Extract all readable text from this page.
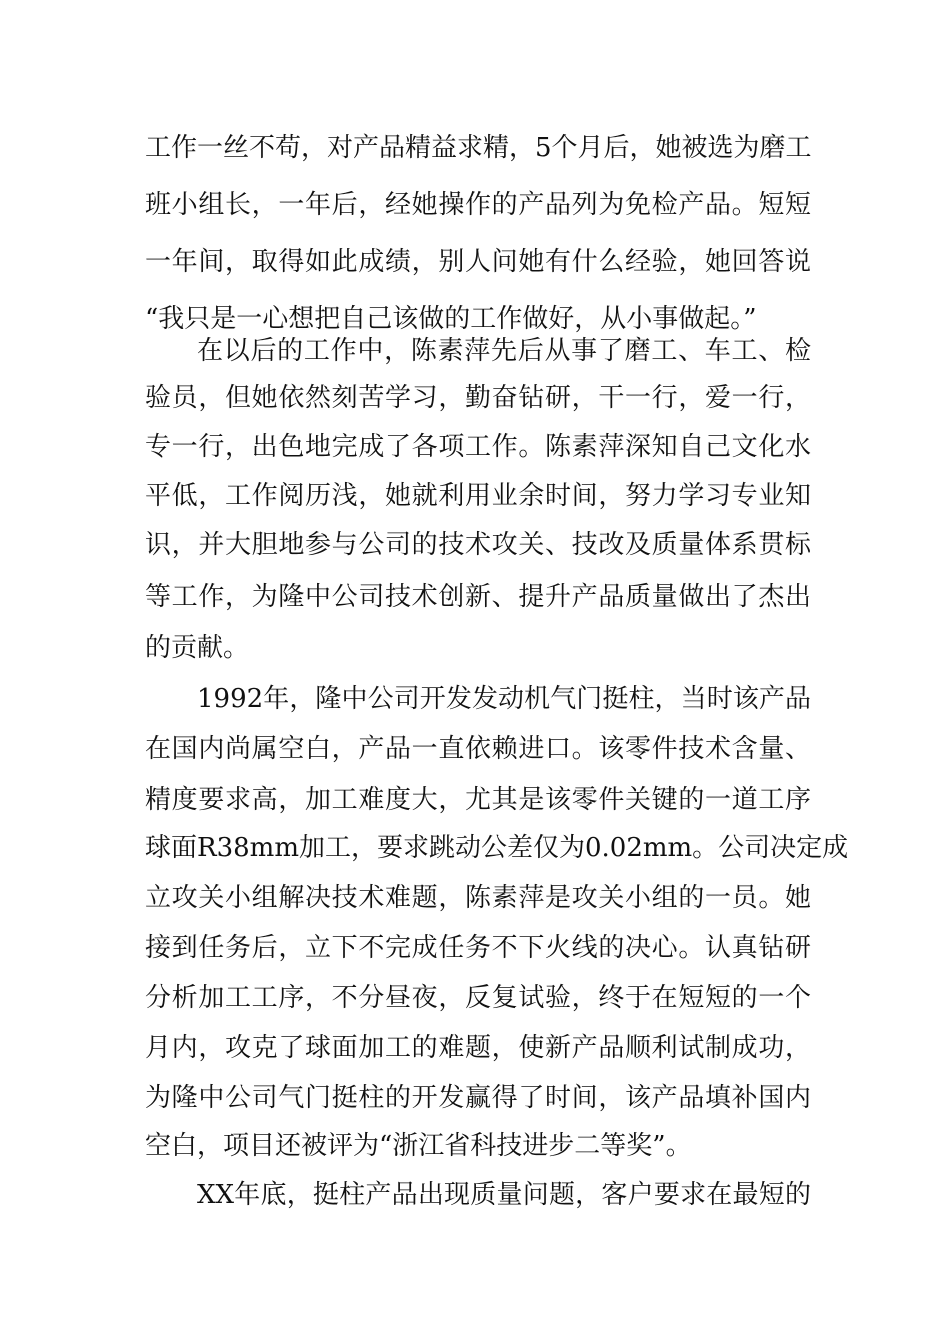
工作一丝不苟，对产品精益求精，5个月后，她被选为磨工
班小组长，一年后，经她操作的产品列为免检产品。短短
一年间，取得如此成绩，别人问她有什么经验，她回答说
“我只是一心想把自己该做的工作做好，从小事做起。”
在以后的工作中，陈素萍先后从事了磨工、车工、检
验员，但她依然刻苦学习，勤奋钻研，干一行，爱一行，
专一行，出色地完成了各项工作。陈素萍深知自己文化水
平低，工作阅历浅，她就利用业余时间，努力学习专业知
识，并大胆地参与公司的技术攻关、技改及质量体系贯标
等工作，为隆中公司技术创新、提升产品质量做出了杰出
的贡献。
1992年，隆中公司开发发动机气门挺柱，当时该产品
在国内尚属空白，产品一直依赖进口。该零件技术含量、
精度要求高，加工难度大，尤其是该零件关键的一道工序
球面R38mm加工，要求跳动公差仅为0.02mm。公司决定成
立攻关小组解决技术难题，陈素萍是攻关小组的一员。她
接到任务后，立下不完成任务不下火线的决心。认真钻研
分析加工工序，不分昼夜，反复试验，终于在短短的一个
月内，攻克了球面加工的难题，使新产品顺利试制成功，
为隆中公司气门挺柱的开发赢得了时间，该产品填补国内
空白，项目还被评为“浙江省科技进步二等奖”。
XX年底，挺柱产品出现质量问题，客户要求在最短的
